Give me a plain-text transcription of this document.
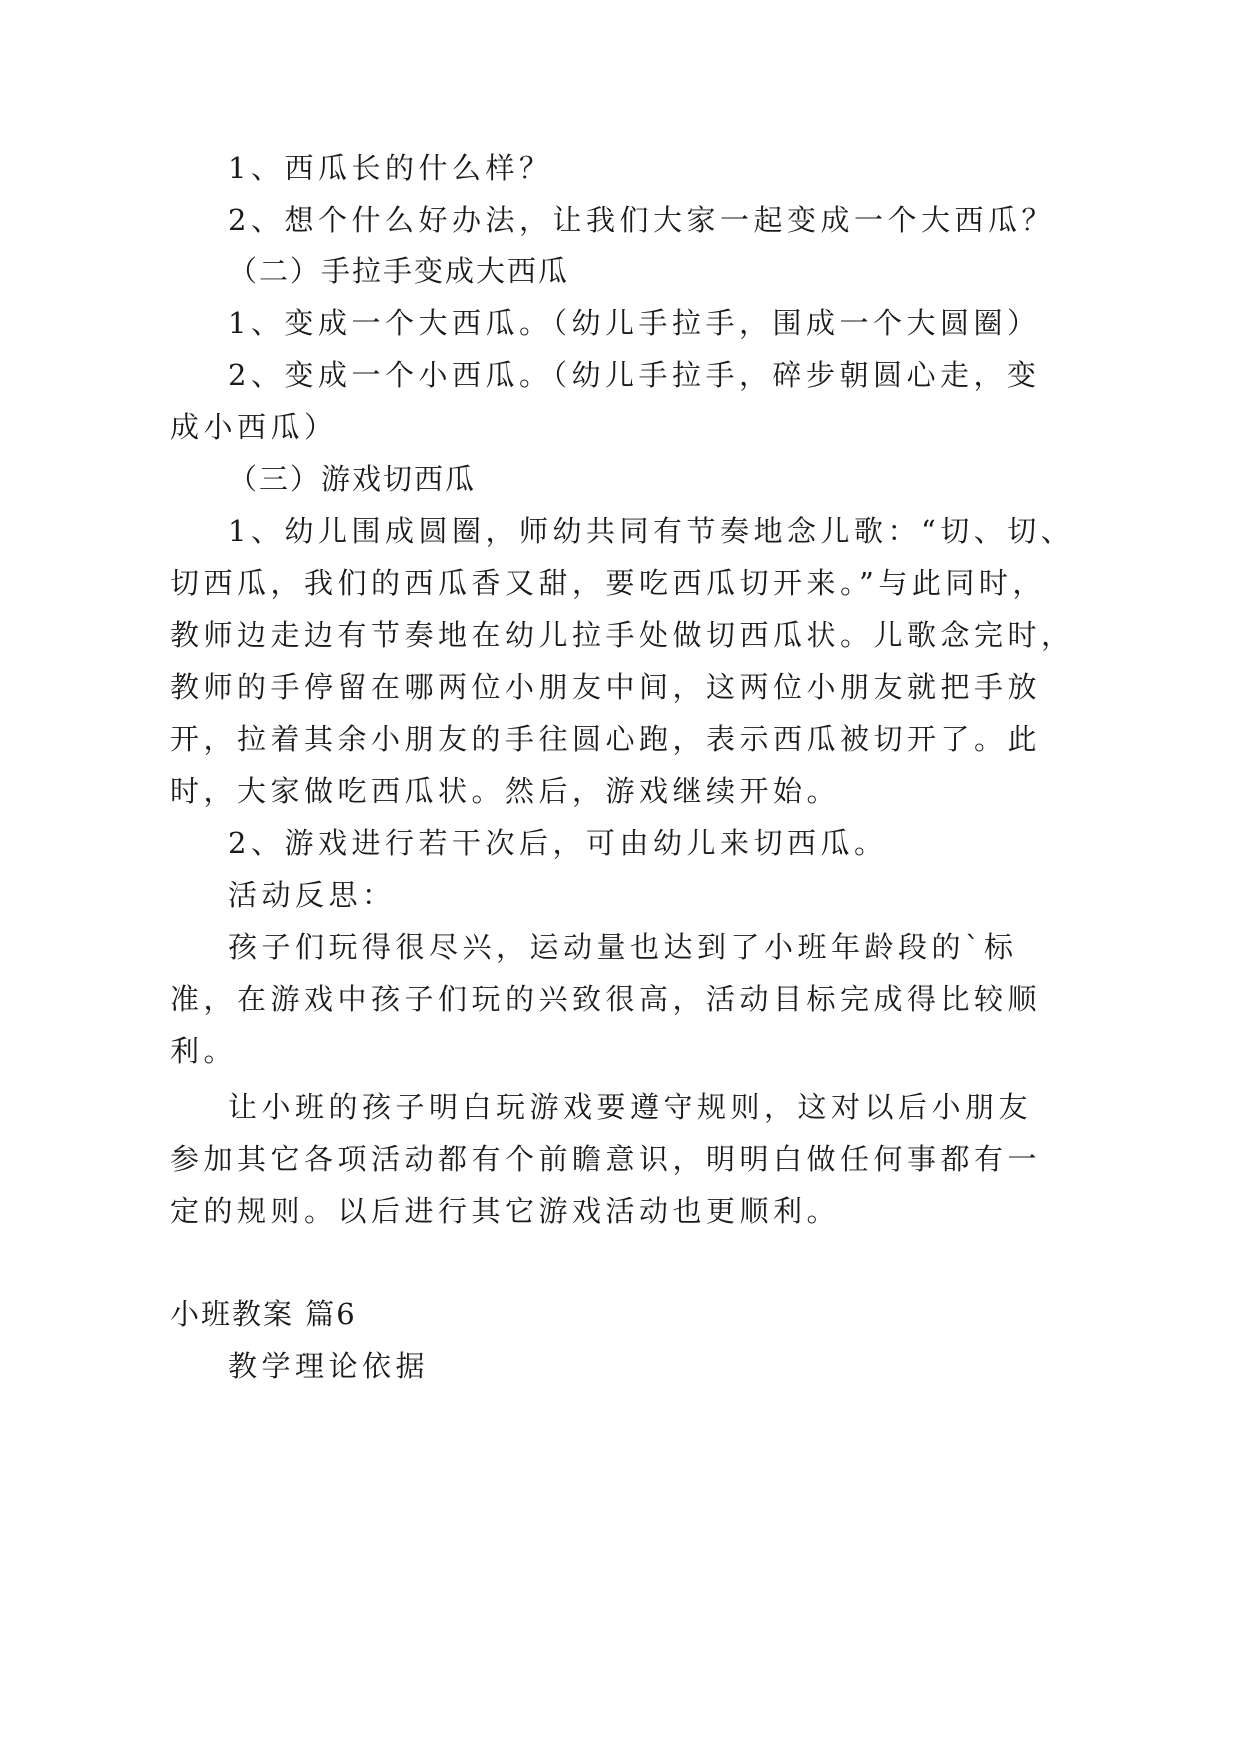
1、西瓜长的什么样？

2、想个什么好办法，让我们大家一起变成一个大西瓜？

（二）手拉手变成大西瓜

1、变成一个大西瓜。（幼儿手拉手，围成一个大圆圈）

2、变成一个小西瓜。（幼儿手拉手，碎步朝圆心走，变

成小西瓜）

（三）游戏切西瓜

1、幼儿围成圆圈，师幼共同有节奏地念儿歌：“切、切、

切西瓜，我们的西瓜香又甜，要吃西瓜切开来。”与此同时，

教师边走边有节奏地在幼儿拉手处做切西瓜状。儿歌念完时，

教师的手停留在哪两位小朋友中间，这两位小朋友就把手放

开，拉着其余小朋友的手往圆心跑，表示西瓜被切开了。此

时，大家做吃西瓜状。然后，游戏继续开始。

2、游戏进行若干次后，可由幼儿来切西瓜。

活动反思：

孩子们玩得很尽兴，运动量也达到了小班年龄段的`标

准，在游戏中孩子们玩的兴致很高，活动目标完成得比较顺

利。

让小班的孩子明白玩游戏要遵守规则，这对以后小朋友

参加其它各项活动都有个前瞻意识，明明白做任何事都有一

定的规则。以后进行其它游戏活动也更顺利。

小班教案 篇6

教学理论依据
